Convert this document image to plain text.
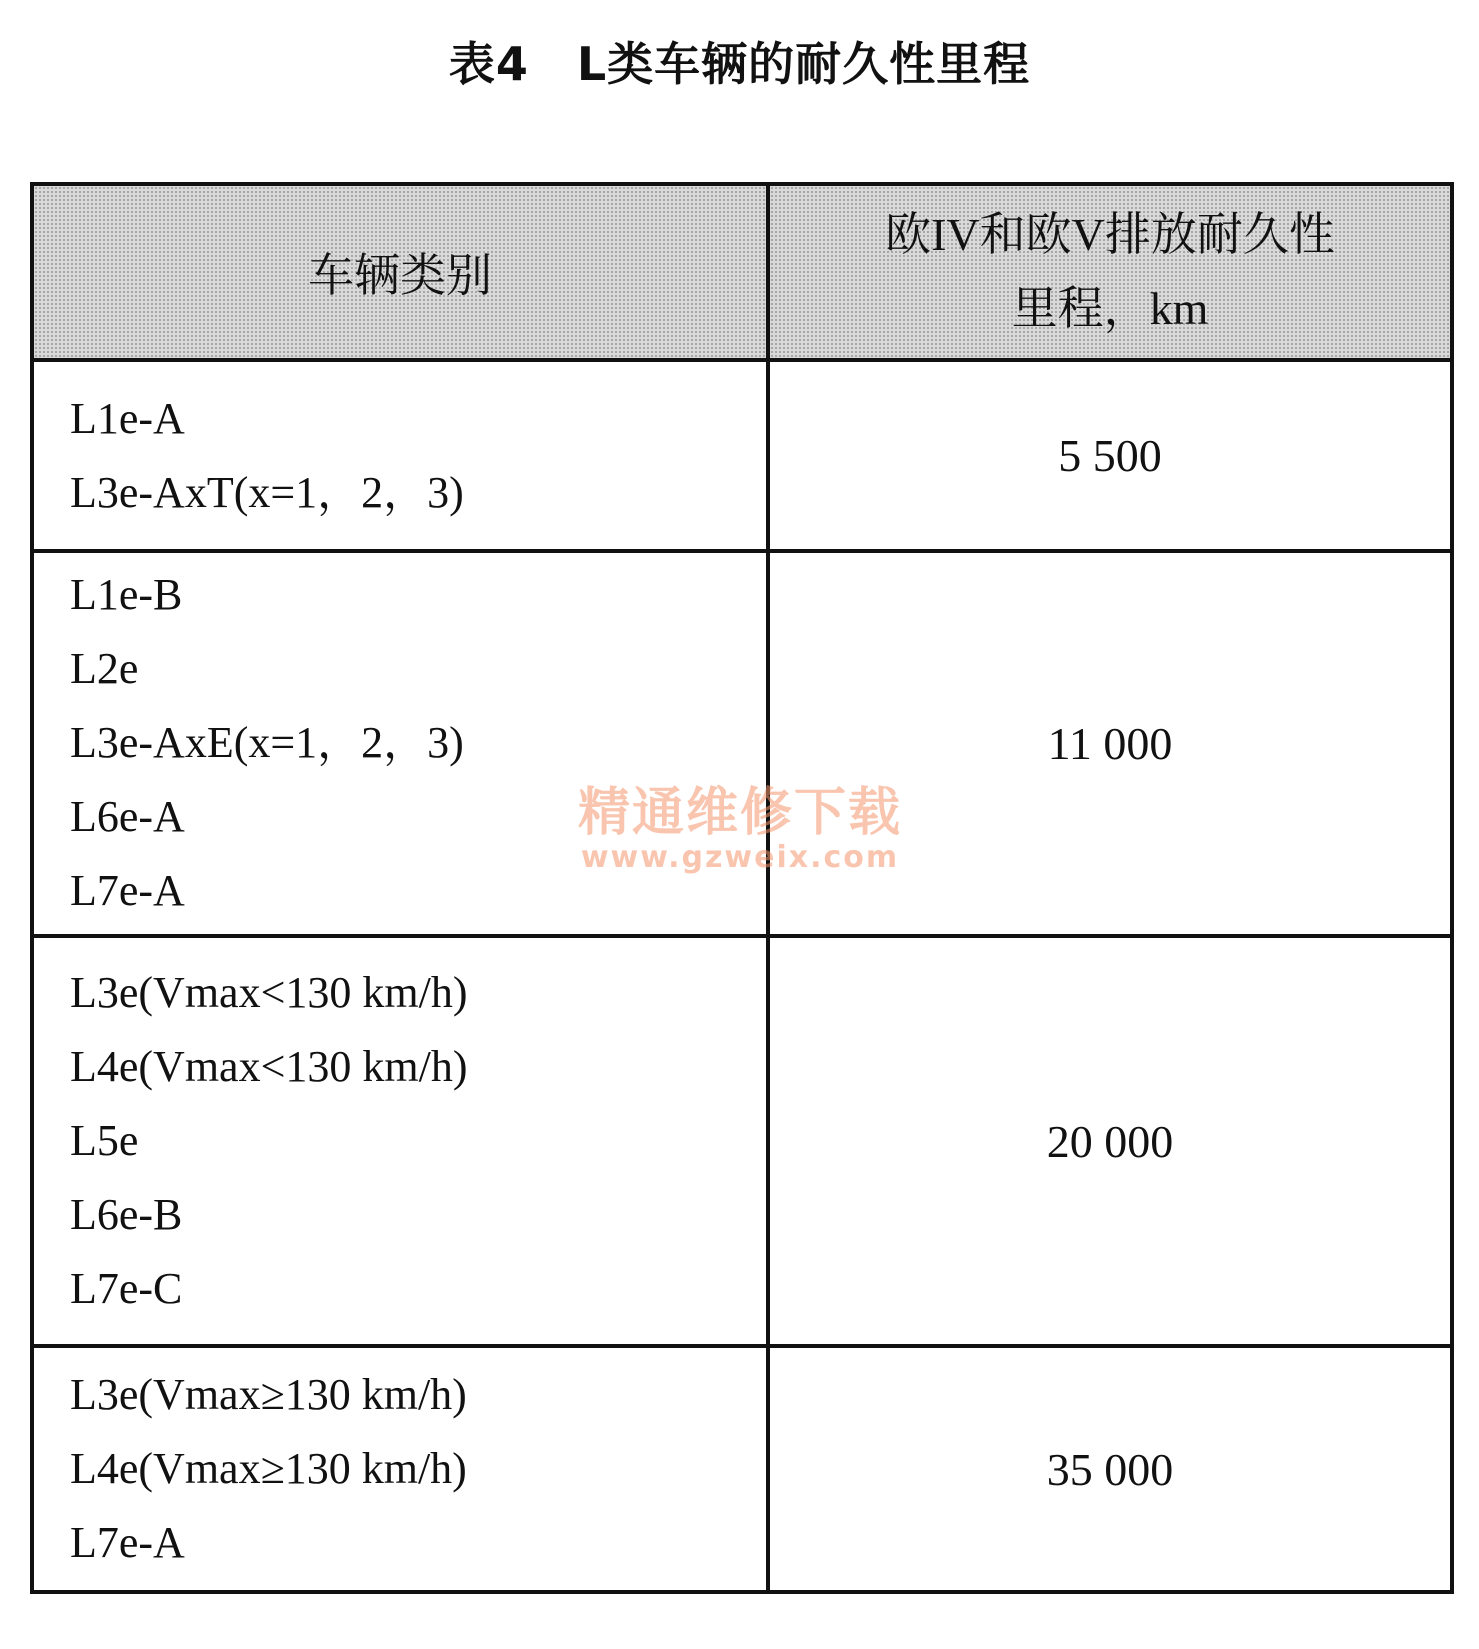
表4 L类车辆的耐久性里程
车辆类别	欧IV和欧V排放耐久性
里程，km

L1e-A
L3e-AxT(x=1，2，3)	5 500

L1e-B
L2e
L3e-AxE(x=1，2，3)
L6e-A
L7e-A	11 000

L3e(Vmax<130 km/h)
L4e(Vmax<130 km/h)
L5e
L6e-B
L7e-C	20 000

L3e(Vmax≥130 km/h)
L4e(Vmax≥130 km/h)
L7e-A	35 000
精通维修下载
www.gzweix.com
